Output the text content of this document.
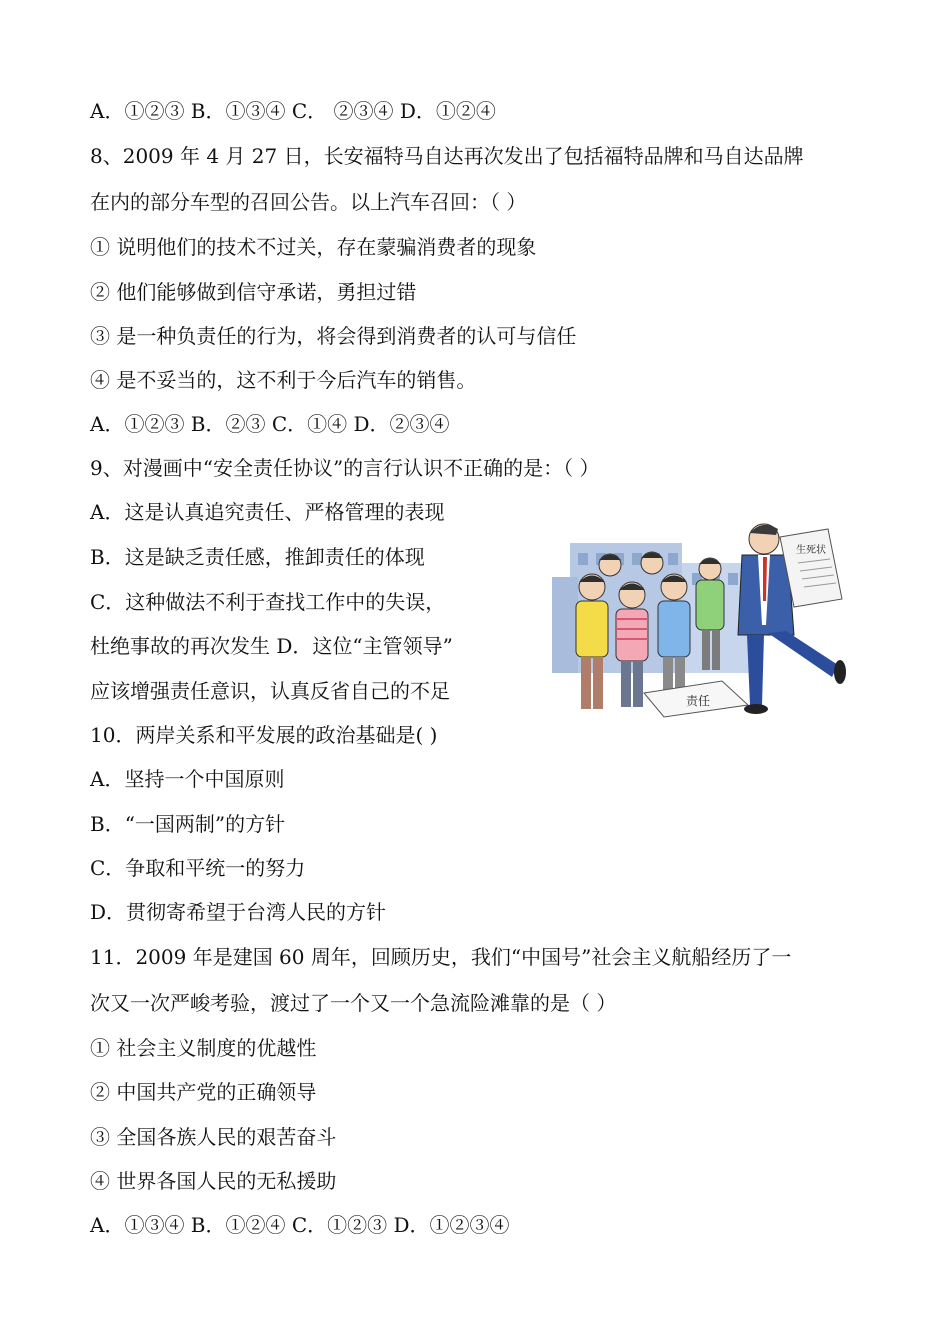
A．①②③ B．①③④ C． ②③④ D．①②④
8、2009 年 4 月 27 日，长安福特马自达再次发出了包括福特品牌和马自达品牌
在内的部分车型的召回公告。以上汽车召回：（ ）
① 说明他们的技术不过关，存在蒙骗消费者的现象
② 他们能够做到信守承诺，勇担过错
③ 是一种负责任的行为，将会得到消费者的认可与信任
④ 是不妥当的，这不利于今后汽车的销售。
A．①②③ B．②③ C．①④ D．②③④
9、对漫画中“安全责任协议”的言行认识不正确的是：（ ）
A．这是认真追究责任、严格管理的表现
B．这是缺乏责任感，推卸责任的体现
C．这种做法不利于查找工作中的失误，
杜绝事故的再次发生 D．这位“主管领导”
应该增强责任意识，认真反省自己的不足
10．两岸关系和平发展的政治基础是( )
A．坚持一个中国原则
B．“一国两制”的方针
C．争取和平统一的努力
D．贯彻寄希望于台湾人民的方针
11．2009 年是建国 60 周年，回顾历史，我们“中国号”社会主义航船经历了一
次又一次严峻考验，渡过了一个又一个急流险滩靠的是（ ）
① 社会主义制度的优越性
② 中国共产党的正确领导
③ 全国各族人民的艰苦奋斗
④ 世界各国人民的无私援助
A．①③④ B．①②④ C．①②③ D．①②③④
责任
生死状
